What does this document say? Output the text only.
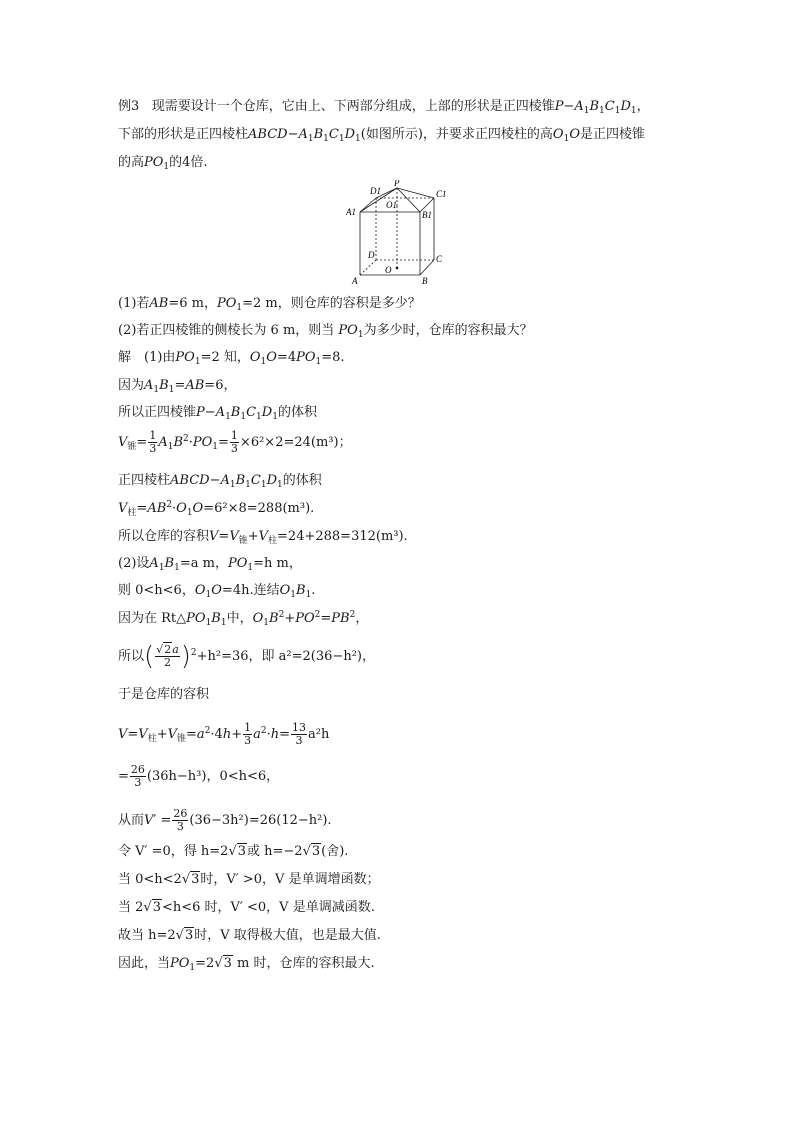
例3 现需要设计一个仓库，它由上、下两部分组成，上部的形状是正四棱锥$P-A_1B_1C_1D_1$，
下部的形状是正四棱柱$ABCD-A_1B_1C_1D_1$(如图所示)，并要求正四棱柱的高$O_1O$是正四棱锥
的高$PO_1$的4倍.
D1
P
C1
A1
O1
B1
D	C
A
O
B
(1)若AB=6 m，$PO_1=2$ m，则仓库的容积是多少？
(2)若正四棱锥的侧棱长为 6 m，则当 $PO_1$为多少时，仓库的容积最大？
解　(1)由$PO_1=2$ 知，$O_1O=4PO_1=8$.
因为$A_1B_1=AB=6$，
所以正四棱锥$P-A_1B_1C_1D_1$的体积
$V_锥= \frac{1}{3} A_1B^2\cdot PO_1= \frac{1}{3} \times 6^2\times 2=24(m^3)$；
正四棱柱$ABCD-A_1B_1C_1D_1$的体积
$V_柱=AB^2\cdot O_1O=6^2\times 8=288(m^3)$.
所以仓库的容积$V=V_锥+V_柱=24+288=312(m^3)$.
(2)设$A_1B_1=a$ m，$PO_1=h$ m，
则 0<h<6，$O_1O=4h$.连结$O_1B_1$.
因为在 $Rt\triangle PO_1B_1$中，$O_1B^2+PO^2=PB^2$，
所以( $\frac{√2a}{2} )^2+h^2=36$，即 a²=2(36−h²)，
于是仓库的容积
$V=V_柱+V_锥=a^2\cdot 4h+ \frac{1}{3} a^2\cdot h= \frac{13}{3} a^2h$
= $\frac{26}{3} (36h-h^3)$，0<h<6，
从而$V' = \frac{26}{3} (36-3h^2)=26(12-h^2)$.
令 V′ =0，得 h=2√3或 h=−2√3(舍).
当 0<h<2√3时，V′ >0，V 是单调增函数；
当 2√3<h<6 时，V′ <0，V 是单调减函数.
故当 h=2√3时，V 取得极大值，也是最大值.
因此，当$PO_1=2√3$ m 时，仓库的容积最大.
